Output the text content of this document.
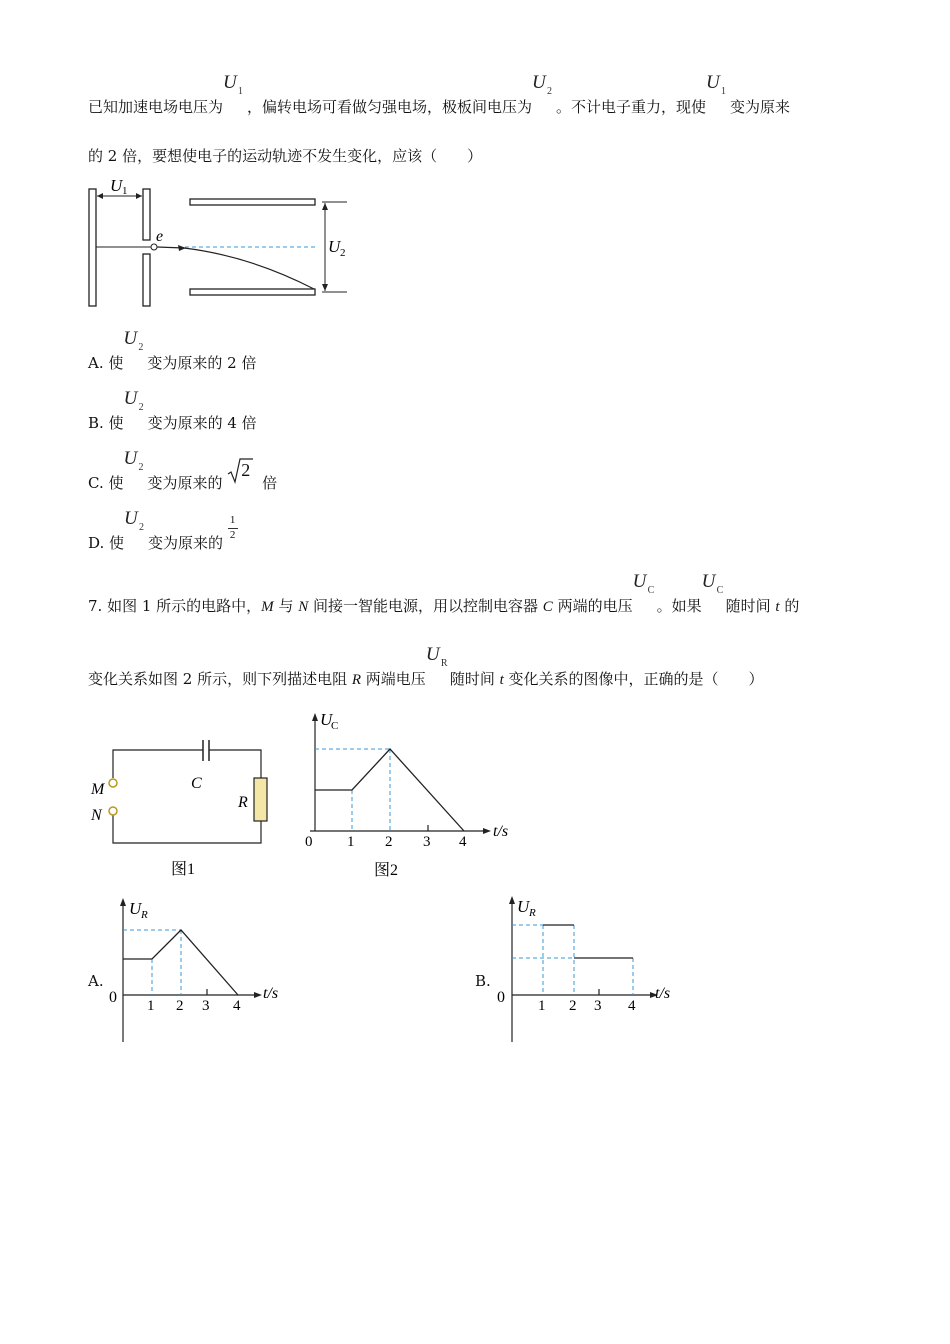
已知加速电场电压为
U 1
，偏转电场可看做匀强电场，极板间电压为
U 2
。不计电子重力，现使
U 1
变为原来
的 2 倍，要想使电子的运动轨迹不发生变化，应该（　　）
U 1
e
U 2
A. 使
U 2
变为原来的 2 倍
B. 使
U 2
变为原来的 4 倍
C. 使
U 2
变为原来的
2
倍
D. 使
U 2
变为原来的 $\frac{1}{2}$
7. 如图 1 所示的电路中，M 与 N 间接一智能电源，用以控制电容器 C 两端的电压
U C
。如果
U C
随时间 t 的
变化关系如图 2 所示，则下列描述电阻 R 两端电压
U R
随时间 t 变化关系的图像中，正确的是（　　）
M
N
C
R
图1
U
C
0 1 2 3 4
t/s
图2
A.
U R
0 1 2 3 4
t/s
B.
U R
0 1 2 3 4
t/s
